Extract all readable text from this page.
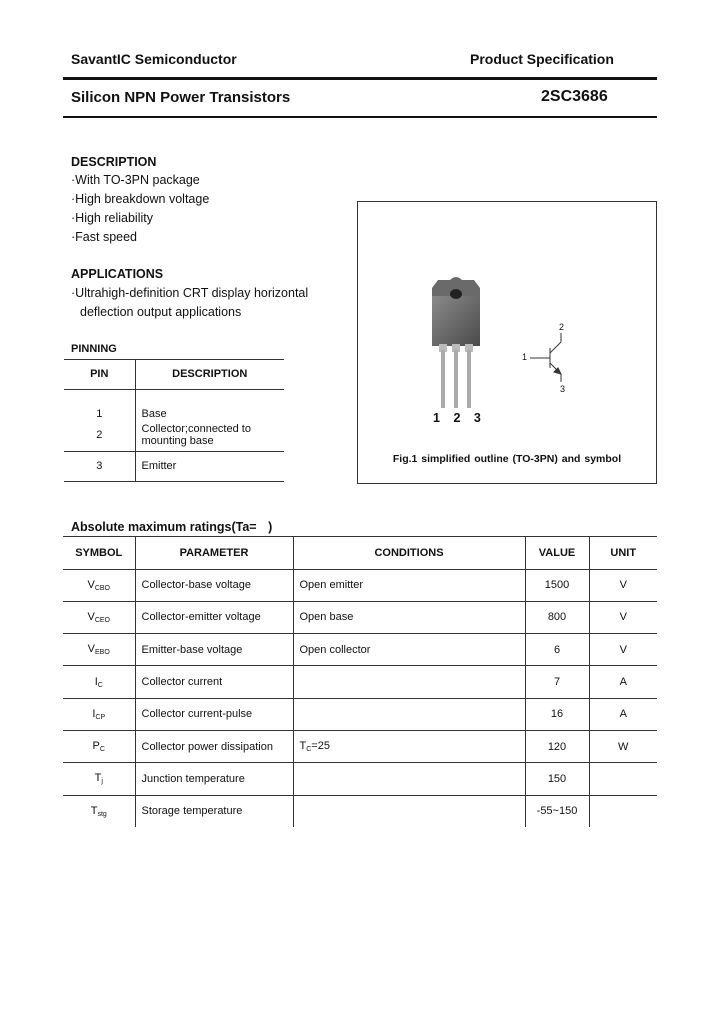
SavantIC Semiconductor	Product Specification
Silicon NPN Power Transistors	2SC3686
DESCRIPTION
·With TO-3PN package
·High breakdown voltage
·High reliability
·Fast speed
APPLICATIONS
·Ultrahigh-definition CRT display horizontal
deflection output applications
PINNING
PIN	DESCRIPTION
1	Base
2	Collector;connected to mounting base
3	Emitter
1 2 3
1
2
3
Fig.1 simplified outline (TO-3PN) and symbol
Absolute maximum ratings(Ta= )
SYMBOL	PARAMETER	CONDITIONS	VALUE	UNIT
$V_{CBO}$	Collector-base voltage	Open emitter	1500	V
$V_{CEO}$	Collector-emitter voltage	Open base	800	V
$V_{EBO}$	Emitter-base voltage	Open collector	6	V
$I_C$	Collector current		7	A
$I_{CP}$	Collector current-pulse		16	A
$P_C$	Collector power dissipation	$T_C=25$	120	W
$T_j$	Junction temperature		150	
$T_{stg}$	Storage temperature		-55~150	
